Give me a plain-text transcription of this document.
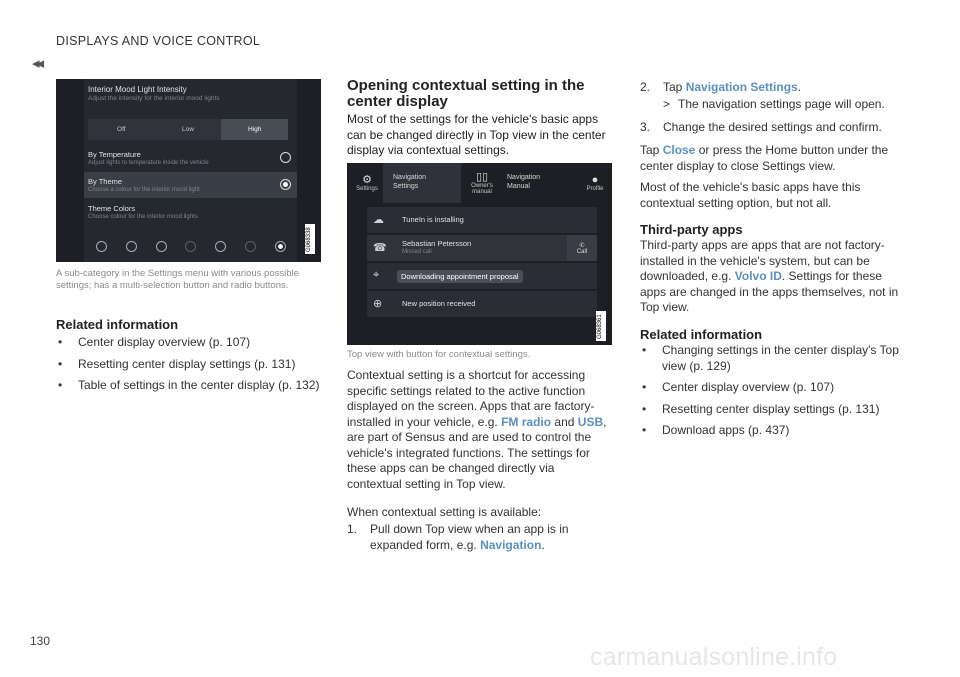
DISPLAYS AND VOICE CONTROL
◂◂
Interior Mood Light Intensity
Adjust the intensity for the interior mood lights
Off	Low	High
By Temperature
Adjust lights to temperature inside the vehicle
By Theme
Choose a colour for the interior mood light
Theme Colors
Choose colour for the interior mood lights
G068338
A sub-category in the Settings menu with various possible settings; has a multi-selection button and radio buttons.
Related information
• Center display overview (p. 107)
• Resetting center display settings (p. 131)
• Table of settings in the center display (p. 132)
Opening contextual setting in the center display
Most of the settings for the vehicle's basic apps can be changed directly in Top view in the center display via contextual settings.
⚙
Settings
Navigation
Settings
▯▯
Owner's
manual
Navigation
Manual
●
Profile
☁ TuneIn is installing
☎ Sebastian Petersson
Missed call
✆
Call
⌖	Downloading appointment proposal
⊕	New position received
G068361
Top view with button for contextual settings.
Contextual setting is a shortcut for accessing specific settings related to the active function displayed on the screen. Apps that are factory-installed in your vehicle, e.g. FM radio and USB, are part of Sensus and are used to control the vehicle's integrated functions. The settings for these apps can be changed directly via contextual setting in Top view.
When contextual setting is available:
1. Pull down Top view when an app is in expanded form, e.g. Navigation.
2. Tap Navigation Settings.
> The navigation settings page will open.
3. Change the desired settings and confirm.
Tap Close or press the Home button under the center display to close Settings view.
Most of the vehicle's basic apps have this contextual setting option, but not all.
Third-party apps
Third-party apps are apps that are not factory-installed in the vehicle's system, but can be downloaded, e.g. Volvo ID. Settings for these apps are changed in the apps themselves, not in Top view.
Related information
• Changing settings in the center display's Top view (p. 129)
• Center display overview (p. 107)
• Resetting center display settings (p. 131)
• Download apps (p. 437)
130
carmanualsonline.info
